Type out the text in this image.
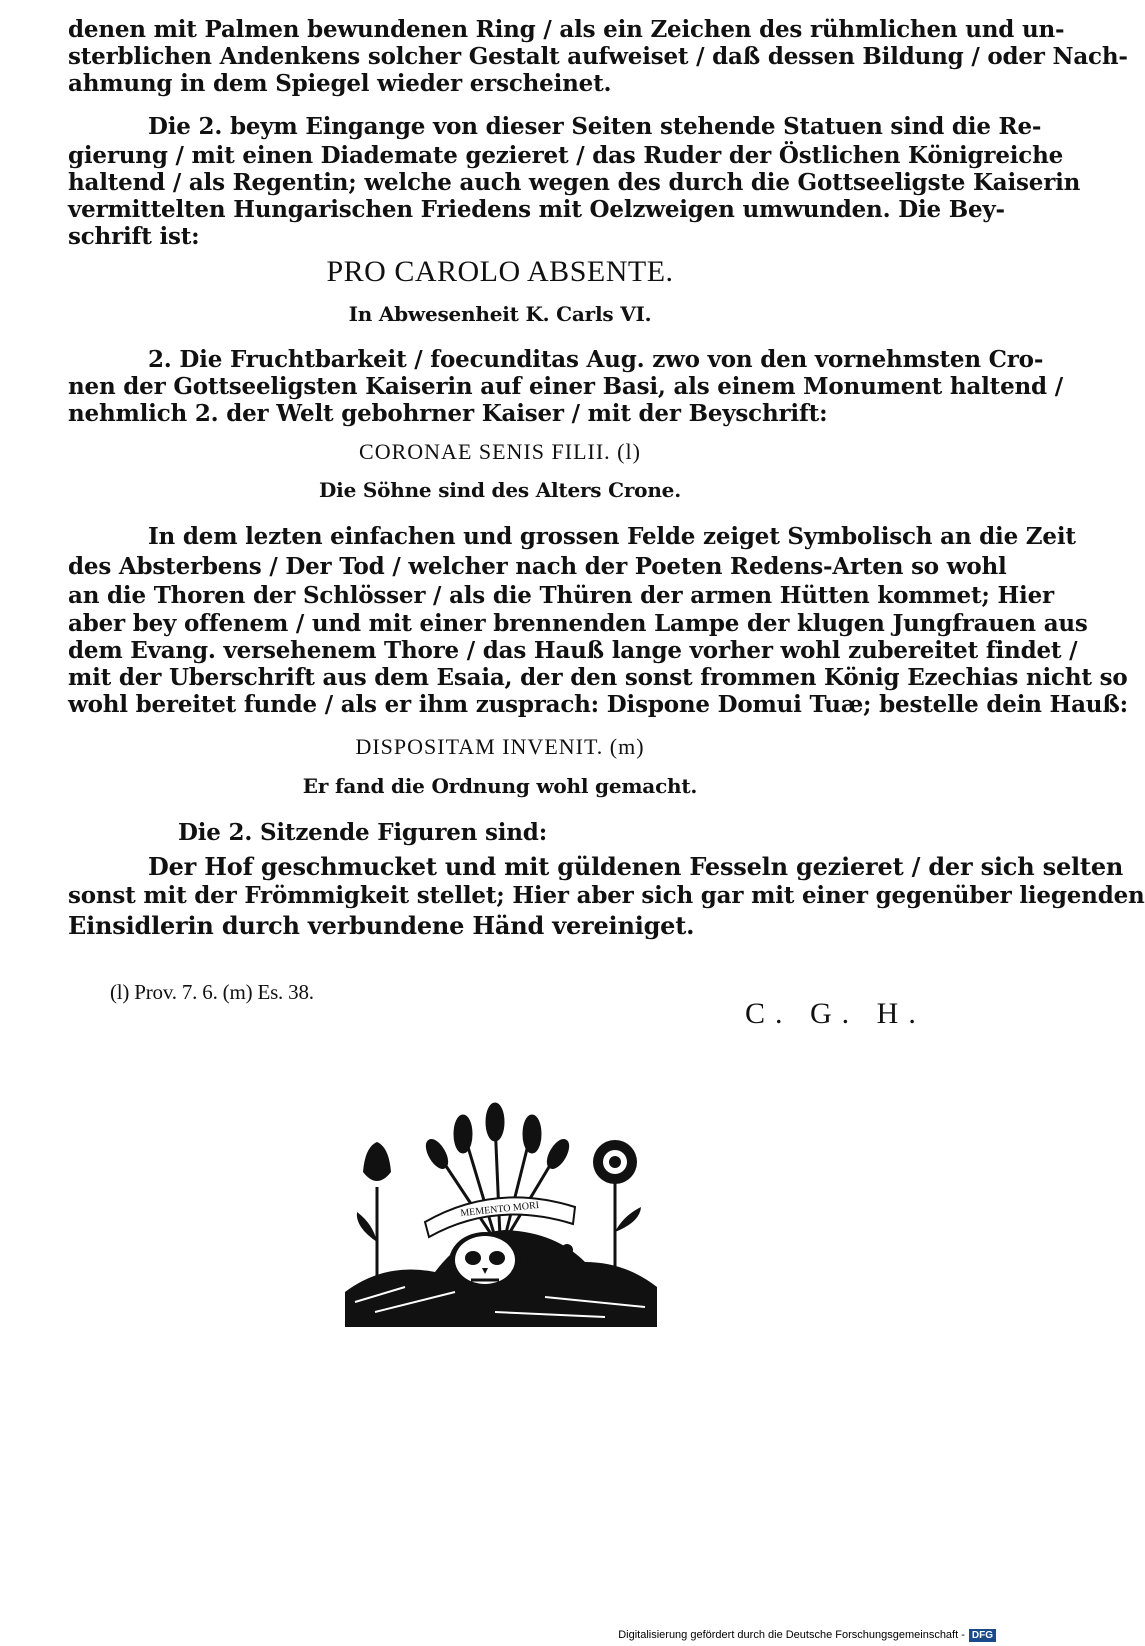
denen mit Palmen bewundenen Ring / als ein Zeichen des rühmlichen und un-
sterblichen Andenkens solcher Gestalt aufweiset / daß dessen Bildung / oder Nach-
ahmung in dem Spiegel wieder erscheinet.
Die 2. beym Eingange von dieser Seiten stehende Statuen sind die Re-
gierung / mit einen Diademate gezieret / das Ruder der Östlichen Königreiche
haltend / als Regentin; welche auch wegen des durch die Gottseeligste Kaiserin
vermittelten Hungarischen Friedens mit Oelzweigen umwunden. Die Bey-
schrift ist:
PRO CAROLO ABSENTE.
In Abwesenheit K. Carls VI.
2. Die Fruchtbarkeit / foecunditas Aug. zwo von den vornehmsten Cro-
nen der Gottseeligsten Kaiserin auf einer Basi, als einem Monument haltend /
nehmlich 2. der Welt gebohrner Kaiser / mit der Beyschrift:
CORONAE SENIS FILII. (l)
Die Söhne sind des Alters Crone.
In dem lezten einfachen und grossen Felde zeiget Symbolisch an die Zeit
des Absterbens / Der Tod / welcher nach der Poeten Redens-Arten so wohl
an die Thoren der Schlösser / als die Thüren der armen Hütten kommet; Hier
aber bey offenem / und mit einer brennenden Lampe der klugen Jungfrauen aus
dem Evang. versehenem Thore / das Hauß lange vorher wohl zubereitet findet /
mit der Uberschrift aus dem Esaia, der den sonst frommen König Ezechias nicht so
wohl bereitet funde / als er ihm zusprach: Dispone Domui Tuæ; bestelle dein Hauß:
DISPOSITAM INVENIT. (m)
Er fand die Ordnung wohl gemacht.
Die 2. Sitzende Figuren sind:
Der Hof geschmucket und mit güldenen Fesseln gezieret / der sich selten
sonst mit der Frömmigkeit stellet; Hier aber sich gar mit einer gegenüber liegenden
Einsidlerin durch verbundene Händ vereiniget.
(l) Prov. 7. 6. (m) Es. 38.
C. G. H.
MEMENTO MORI
Digitalisierung gefördert durch die Deutsche Forschungsgemeinschaft - DFG
